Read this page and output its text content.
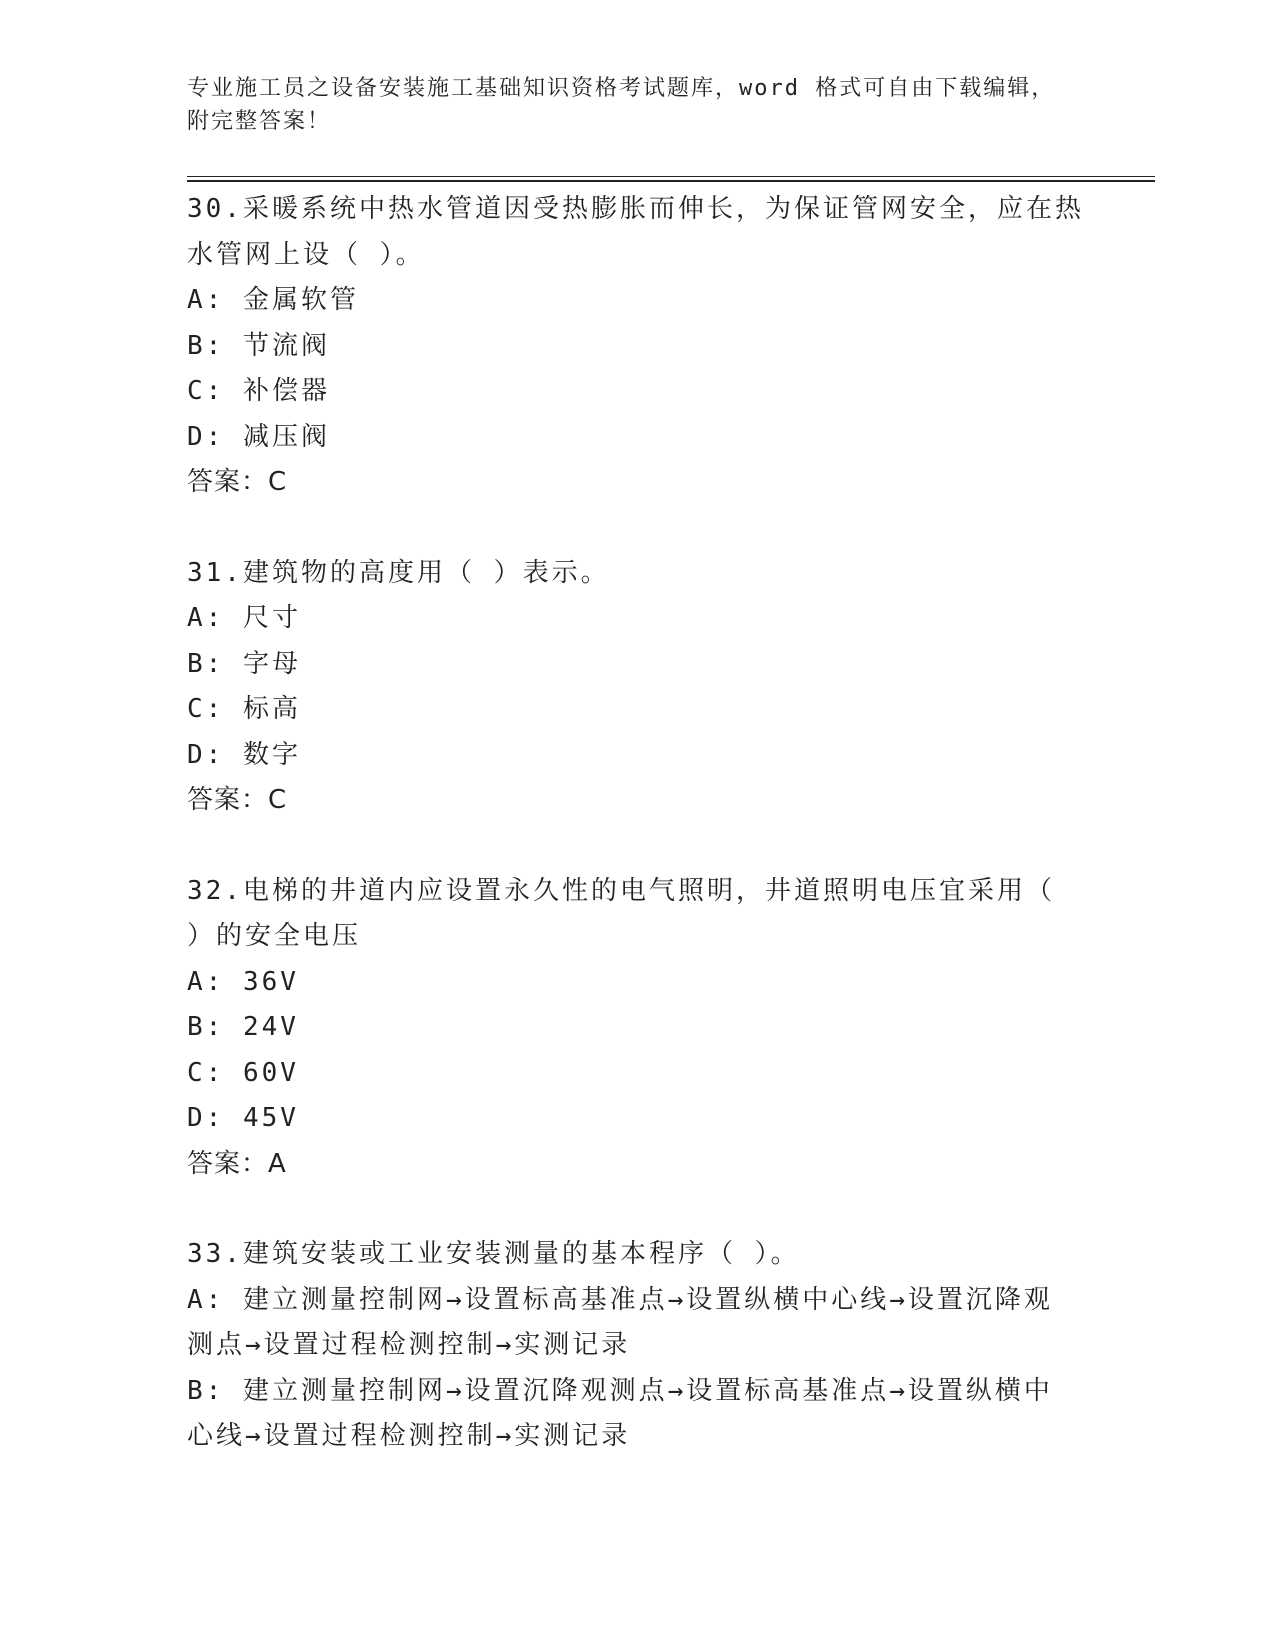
专业施工员之设备安装施工基础知识资格考试题库，word 格式可自由下载编辑，
附完整答案！
30.采暖系统中热水管道因受热膨胀而伸长，为保证管网安全，应在热
水管网上设（ ）。
A: 金属软管
B: 节流阀
C: 补偿器
D: 减压阀
答案：C
31.建筑物的高度用（ ）表示。
A: 尺寸
B: 字母
C: 标高
D: 数字
答案：C
32.电梯的井道内应设置永久性的电气照明，井道照明电压宜采用（
）的安全电压
A: 36V
B: 24V
C: 60V
D: 45V
答案：A
33.建筑安装或工业安装测量的基本程序（ ）。
A: 建立测量控制网→设置标高基准点→设置纵横中心线→设置沉降观
测点→设置过程检测控制→实测记录
B: 建立测量控制网→设置沉降观测点→设置标高基准点→设置纵横中
心线→设置过程检测控制→实测记录
